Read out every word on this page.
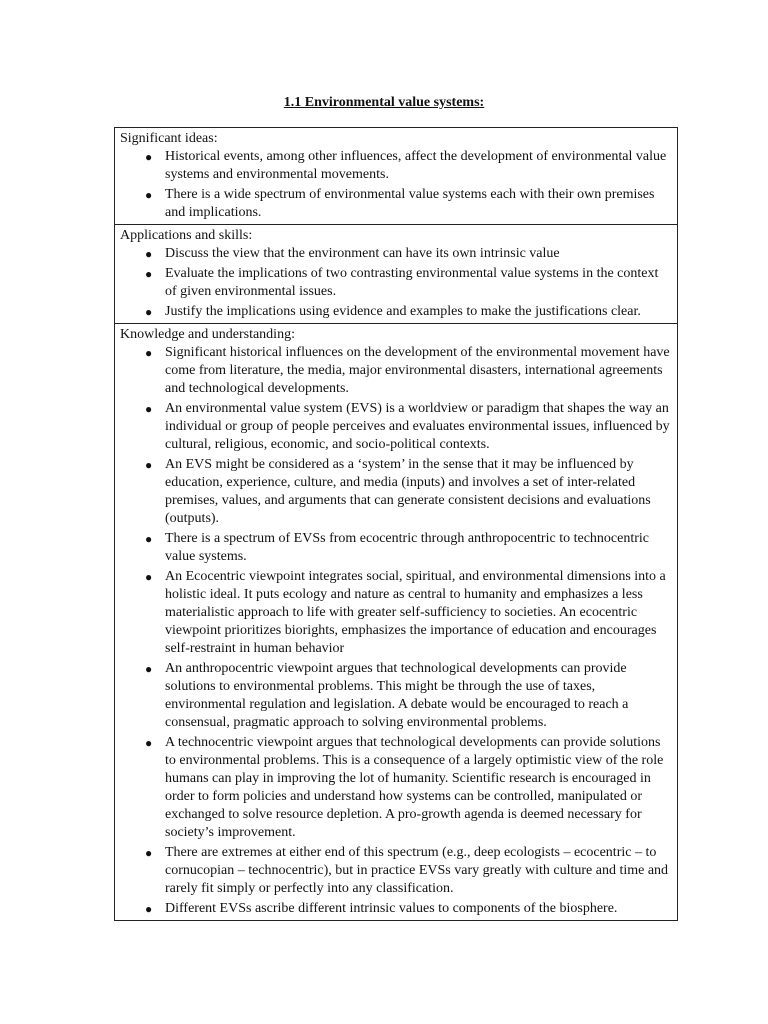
1.1 Environmental value systems:
Significant ideas:
● Historical events, among other influences, affect the development of environmental value systems and environmental movements.
● There is a wide spectrum of environmental value systems each with their own premises and implications.
Applications and skills:
● Discuss the view that the environment can have its own intrinsic value
● Evaluate the implications of two contrasting environmental value systems in the context of given environmental issues.
● Justify the implications using evidence and examples to make the justifications clear.
Knowledge and understanding:
● Significant historical influences on the development of the environmental movement have come from literature, the media, major environmental disasters, international agreements and technological developments.
● An environmental value system (EVS) is a worldview or paradigm that shapes the way an individual or group of people perceives and evaluates environmental issues, influenced by cultural, religious, economic, and socio-political contexts.
● An EVS might be considered as a ‘system’ in the sense that it may be influenced by education, experience, culture, and media (inputs) and involves a set of inter-related premises, values, and arguments that can generate consistent decisions and evaluations (outputs).
● There is a spectrum of EVSs from ecocentric through anthropocentric to technocentric value systems.
● An Ecocentric viewpoint integrates social, spiritual, and environmental dimensions into a holistic ideal. It puts ecology and nature as central to humanity and emphasizes a less materialistic approach to life with greater self-sufficiency to societies. An ecocentric viewpoint prioritizes biorights, emphasizes the importance of education and encourages self-restraint in human behavior
● An anthropocentric viewpoint argues that technological developments can provide solutions to environmental problems. This might be through the use of taxes, environmental regulation and legislation. A debate would be encouraged to reach a consensual, pragmatic approach to solving environmental problems.
● A technocentric viewpoint argues that technological developments can provide solutions to environmental problems. This is a consequence of a largely optimistic view of the role humans can play in improving the lot of humanity. Scientific research is encouraged in order to form policies and understand how systems can be controlled, manipulated or exchanged to solve resource depletion. A pro-growth agenda is deemed necessary for society’s improvement.
● There are extremes at either end of this spectrum (e.g., deep ecologists – ecocentric – to cornucopian – technocentric), but in practice EVSs vary greatly with culture and time and rarely fit simply or perfectly into any classification.
● Different EVSs ascribe different intrinsic values to components of the biosphere.
